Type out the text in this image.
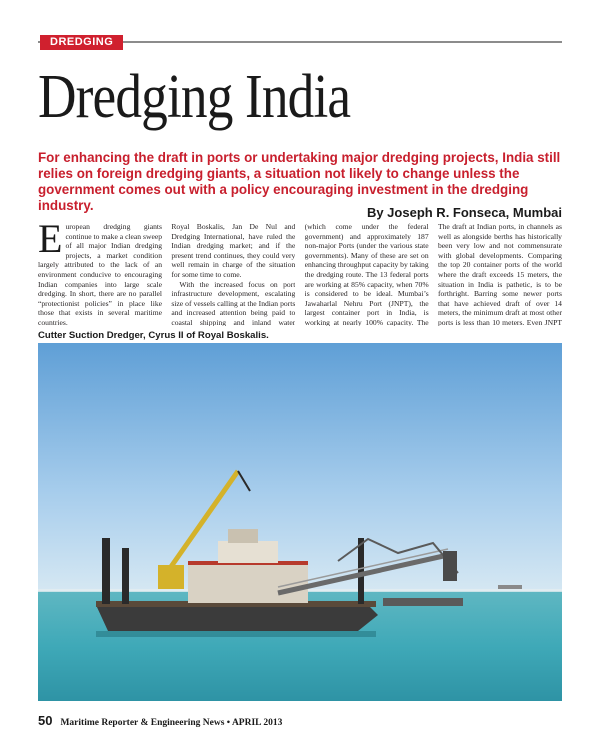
DREDGING
Dredging India

For enhancing the draft in ports or undertaking major dredging projects, India still relies on foreign dredging giants, a situation not likely to change unless the government comes out with a policy encouraging investment in the dredging industry.	By Joseph R. Fonseca, Mumbai

European dredging giants continue to make a clean sweep of all major Indian dredging projects, a market condition largely attributed to the lack of an environment conducive to encouraging Indian companies into large scale dredging. In short, there are no parallel “protectionist policies” in place like those that exists in several maritime countries.

Royal Boskalis, Jan De Nul and Dredging International, have ruled the Indian dredging market; and if the present trend continues, they could very well remain in charge of the situation for some time to come.

With the increased focus on port infrastructure development, escalating size of vessels calling at the Indian ports and increased attention being paid to coastal shipping and inland water

(which come under the federal government) and approximately 187 non-major Ports (under the various state governments). Many of these are set on enhancing throughput capacity by taking the dredging route. The 13 federal ports are working at 85% capacity, when 70% is considered to be ideal. Mumbai’s Jawaharlal Nehru Port (JNPT), the largest container port in India, is working at nearly 100% capacity. The

The draft at Indian ports, in channels as well as alongside berths has historically been very low and not commensurate with global developments. Comparing the top 20 container ports of the world where the draft exceeds 15 meters, the situation in India is pathetic, is to be forthright. Barring some newer ports that have achieved draft of over 14 meters, the minimum draft at most other ports is less than 10 meters. Even JNPT

Cutter Suction Dredger, Cyrus II of Royal Boskalis.
50 Maritime Reporter & Engineering News • APRIL 2013
